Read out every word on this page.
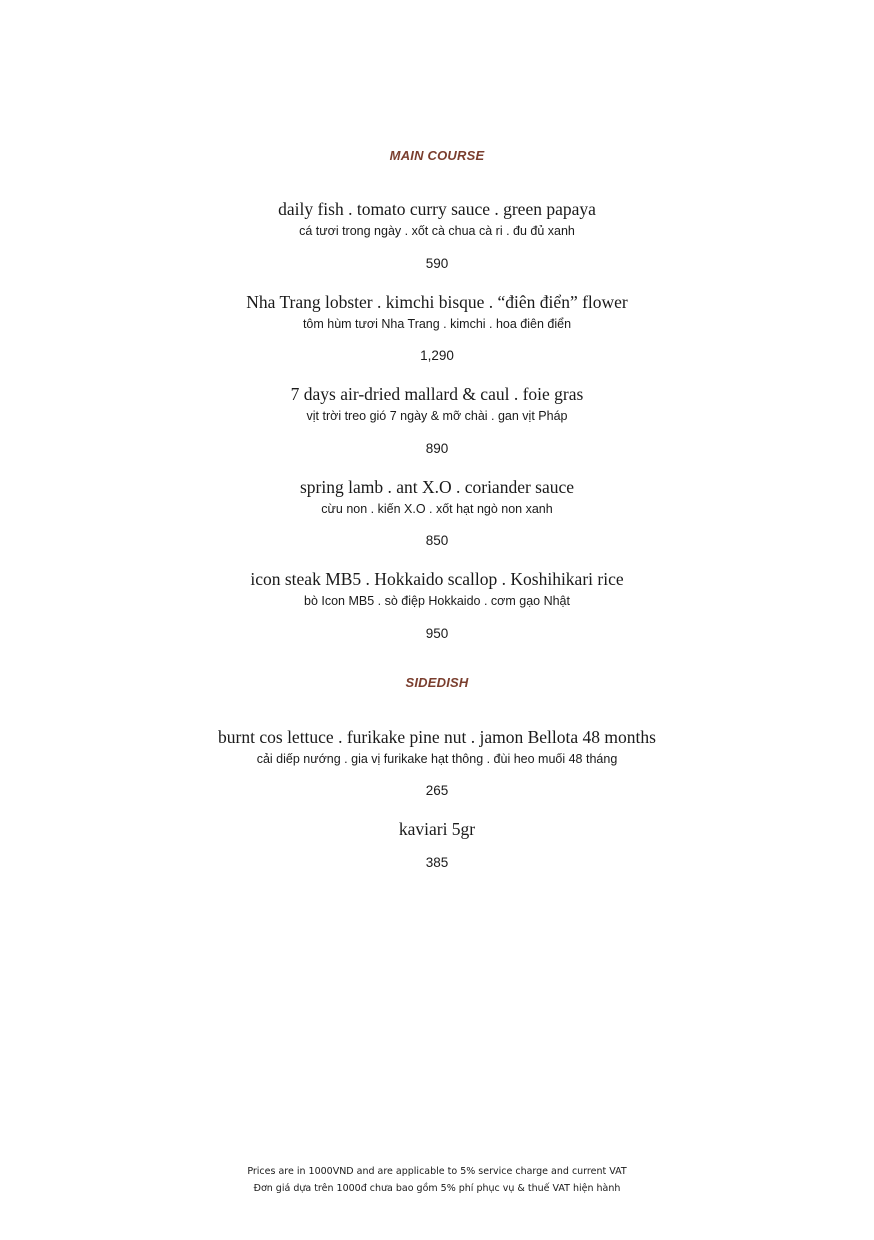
MAIN COURSE
daily fish . tomato curry sauce . green papaya
cá tươi trong ngày . xốt cà chua cà ri . đu đủ xanh
590
Nha Trang lobster . kimchi bisque . “điên điển” flower
tôm hùm tươi Nha Trang . kimchi . hoa điên điển
1,290
7 days air-dried mallard & caul . foie gras
vịt trời treo gió 7 ngày & mỡ chài . gan vịt Pháp
890
spring lamb . ant X.O . coriander sauce
cừu non . kiến X.O . xốt hạt ngò non xanh
850
icon steak MB5 . Hokkaido scallop . Koshihikari rice
bò Icon MB5 . sò điệp Hokkaido . cơm gạo Nhật
950
SIDEDISH
burnt cos lettuce . furikake pine nut . jamon Bellota 48 months
cải diếp nướng . gia vị furikake hạt thông . đùi heo muối 48 tháng
265
kaviari 5gr
385
Prices are in 1000VND and are applicable to 5% service charge and current VAT
Đơn giá dựa trên 1000đ chưa bao gồm 5% phí phục vụ & thuế VAT hiện hành
